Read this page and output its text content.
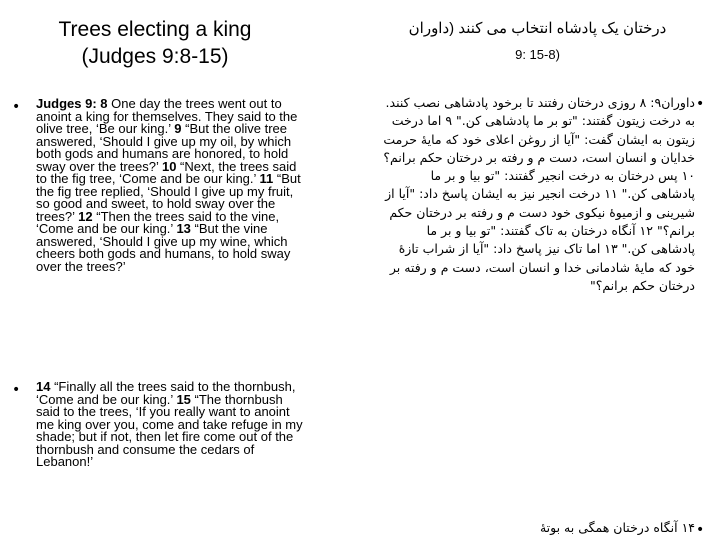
Trees electing a king
(Judges 9:8-15)
درختان یک پادشاه انتخاب می کنند (داوران
(15-8 :9
• Judges 9: 8 One day the trees went out to anoint a king for themselves. They said to the olive tree, ‘Be our king.’ 9 “But the olive tree answered, ‘Should I give up my oil, by which both gods and humans are honored, to hold sway over the trees?’ 10 “Next, the trees said to the fig tree, ‘Come and be our king.’ 11 “But the fig tree replied, ‘Should I give up my fruit, so good and sweet, to hold sway over the trees?’ 12 “Then the trees said to the vine, ‘Come and be our king.’ 13 “But the vine answered, ‘Should I give up my wine, which cheers both gods and humans, to hold sway over the trees?’

• 14 “Finally all the trees said to the thornbush, ‘Come and be our king.’ 15 “The thornbush said to the trees, ‘If you really want to anoint me king over you, come and take refuge in my shade; but if not, then let fire come out of the thornbush and consume the cedars of Lebanon!’

•

داوران۹: ۸ روزی درختان رفتند تا برخود پادشاهی نصب کنند. به درخت زیتون گفتند: "تو بر ما پادشاهی کن." ۹ اما درخت زیتون به ایشان گفت: "آیا از روغن اعلای خود که مایهٔ حرمت خدایان و انسان است، دست م و رفته بر درختان حکم برانم؟ ۱۰ پس درختان به درخت انجیر گفتند: "تو بیا و بر ما پادشاهی کن." ۱۱ درخت انجیر نیز به ایشان پاسخ داد: "آیا از شیرینی و ازمیوهٔ نیکوی خود دست م و رفته بر درختان حکم برانم؟" ۱۲ آنگاه درختان به تاک گفتند: "تو بیا و بر ما پادشاهی کن." ۱۳ اما تاک نیز پاسخ داد: "آیا از شراب تازهٔ خود که مایهٔ شادمانی خدا و انسان است، دست م و رفته بر درختان حکم برانم؟"

•

۱۴ آنگاه درختان همگی به بوتهٔ
